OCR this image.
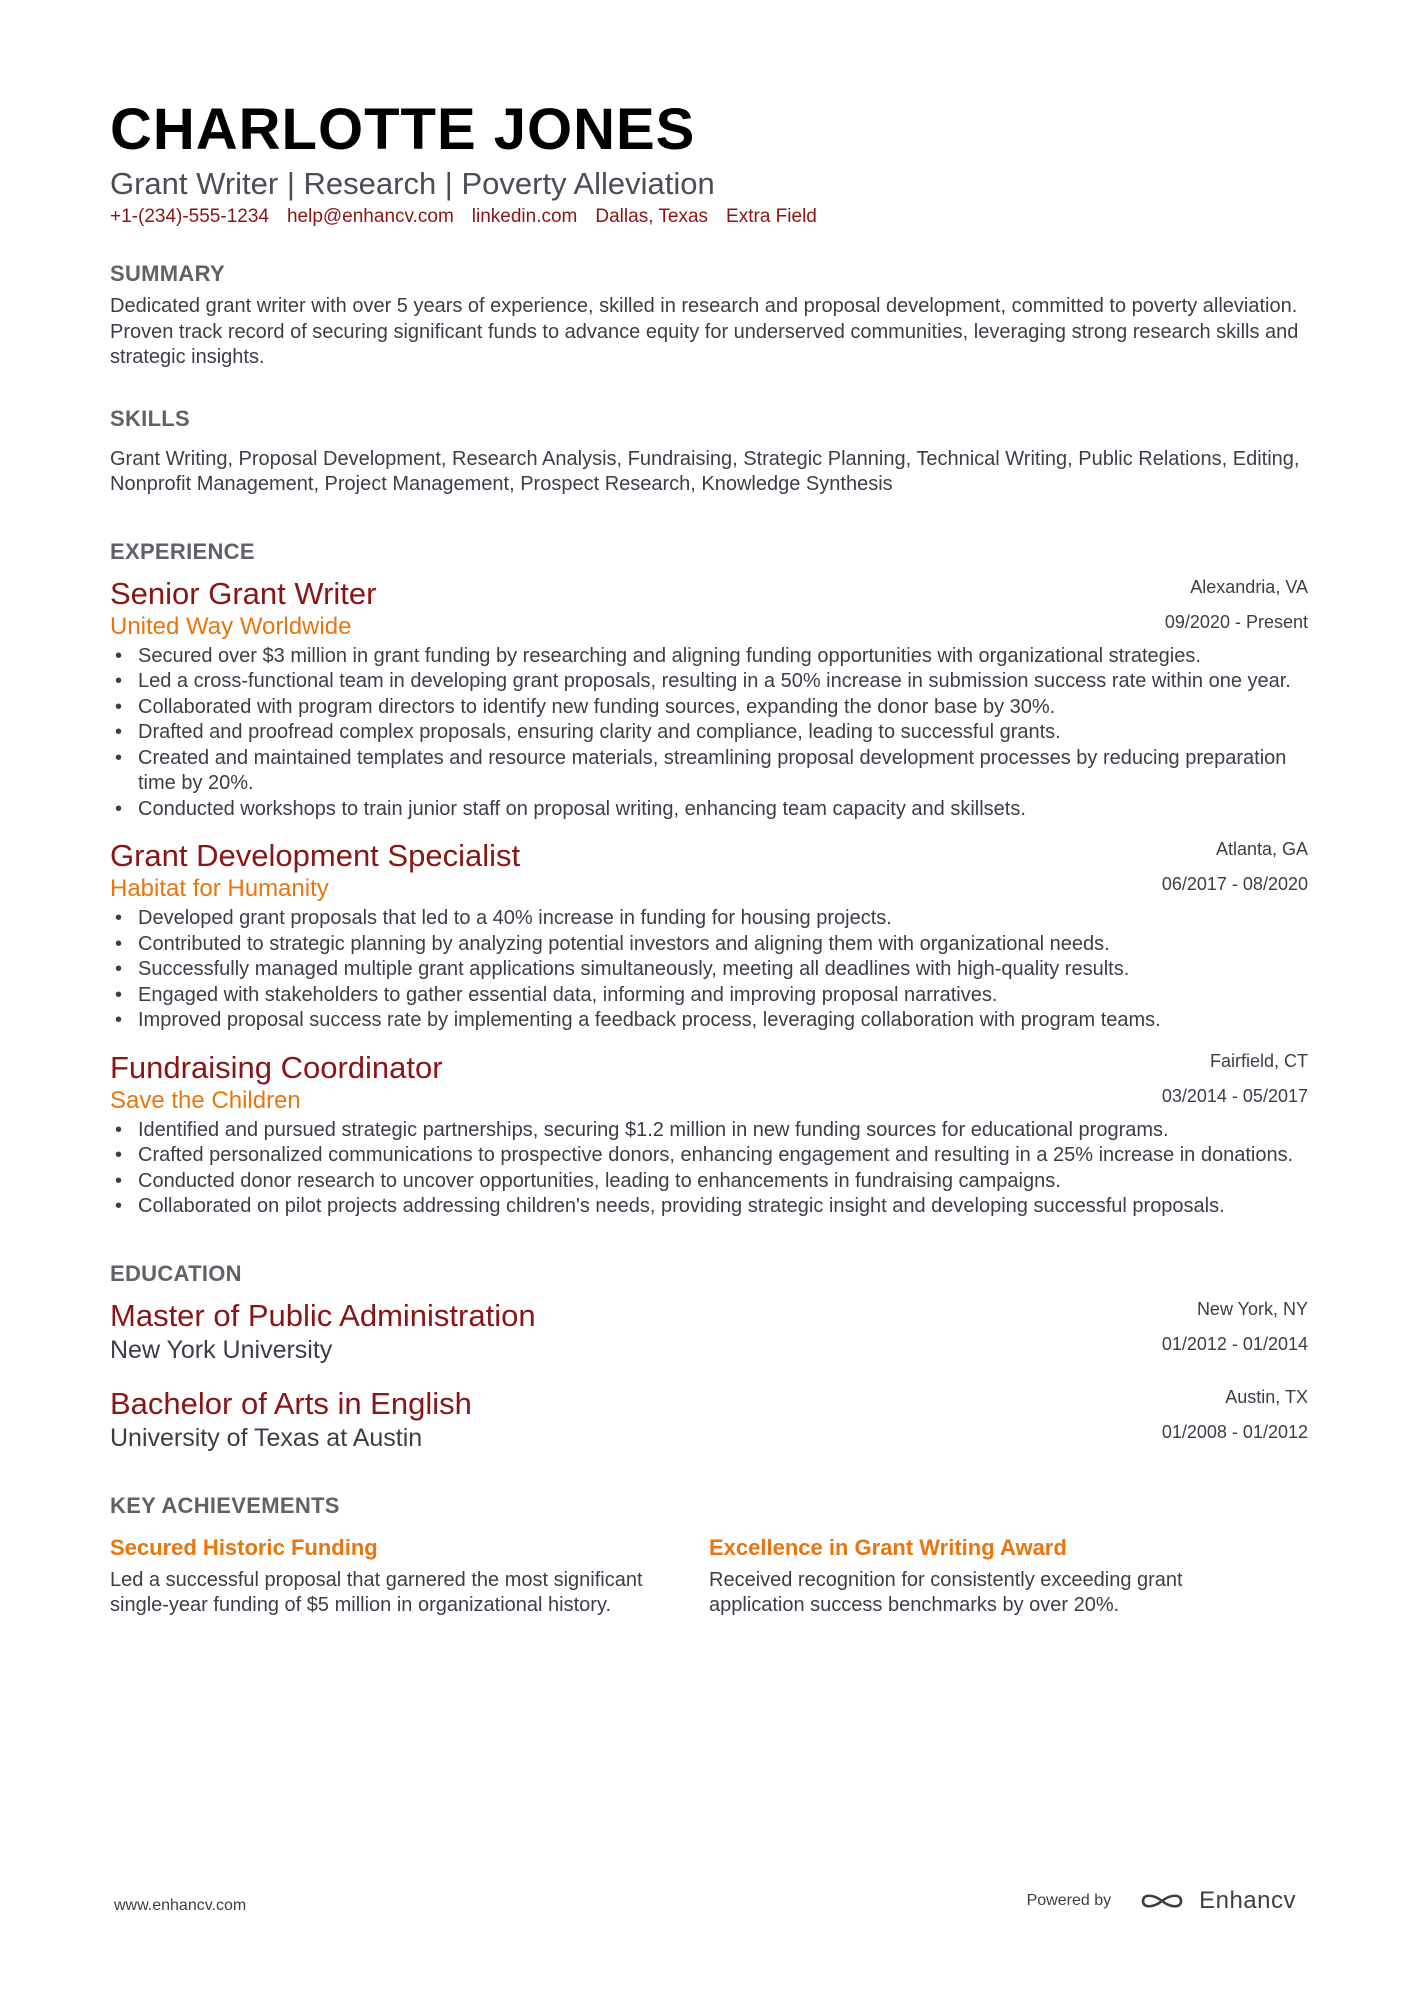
CHARLOTTE JONES
Grant Writer | Research | Poverty Alleviation
+1-(234)-555-1234 help@enhancv.com linkedin.com Dallas, Texas Extra Field
SUMMARY

Dedicated grant writer with over 5 years of experience, skilled in research and proposal development, committed to poverty alleviation. Proven track record of securing significant funds to advance equity for underserved communities, leveraging strong research skills and strategic insights.

SKILLS

Grant Writing, Proposal Development, Research Analysis, Fundraising, Strategic Planning, Technical Writing, Public Relations, Editing, Nonprofit Management, Project Management, Prospect Research, Knowledge Synthesis

EXPERIENCE
Alexandria, VA
09/2020 - Present
Senior Grant Writer
United Way Worldwide
• Secured over $3 million in grant funding by researching and aligning funding opportunities with organizational strategies.
• Led a cross-functional team in developing grant proposals, resulting in a 50% increase in submission success rate within one year.
• Collaborated with program directors to identify new funding sources, expanding the donor base by 30%.
• Drafted and proofread complex proposals, ensuring clarity and compliance, leading to successful grants.
• Created and maintained templates and resource materials, streamlining proposal development processes by reducing preparation time by 20%.
• Conducted workshops to train junior staff on proposal writing, enhancing team capacity and skillsets.
Atlanta, GA
06/2017 - 08/2020
Grant Development Specialist
Habitat for Humanity
• Developed grant proposals that led to a 40% increase in funding for housing projects.
• Contributed to strategic planning by analyzing potential investors and aligning them with organizational needs.
• Successfully managed multiple grant applications simultaneously, meeting all deadlines with high-quality results.
• Engaged with stakeholders to gather essential data, informing and improving proposal narratives.
• Improved proposal success rate by implementing a feedback process, leveraging collaboration with program teams.
Fairfield, CT
03/2014 - 05/2017
Fundraising Coordinator
Save the Children
• Identified and pursued strategic partnerships, securing $1.2 million in new funding sources for educational programs.
• Crafted personalized communications to prospective donors, enhancing engagement and resulting in a 25% increase in donations.
• Conducted donor research to uncover opportunities, leading to enhancements in fundraising campaigns.
• Collaborated on pilot projects addressing children's needs, providing strategic insight and developing successful proposals.
EDUCATION
New York, NY
01/2012 - 01/2014
Master of Public Administration
New York University
Austin, TX
01/2008 - 01/2012
Bachelor of Arts in English
University of Texas at Austin
KEY ACHIEVEMENTS
Secured Historic Funding
Led a successful proposal that garnered the most significant single-year funding of $5 million in organizational history.
Excellence in Grant Writing Award
Received recognition for consistently exceeding grant application success benchmarks by over 20%.
www.enhancv.com	Powered by	Enhancv
